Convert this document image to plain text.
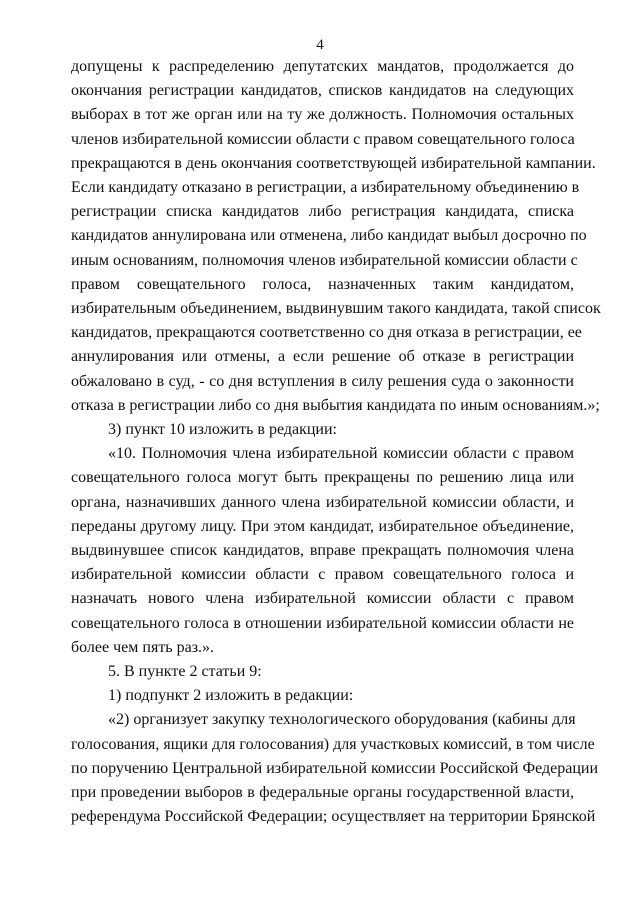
4

допущены к распределению депутатских мандатов, продолжается до

окончания регистрации кандидатов, списков кандидатов на следующих

выборах в тот же орган или на ту же должность. Полномочия остальных

членов избирательной комиссии области с правом совещательного голоса

прекращаются в день окончания соответствующей избирательной кампании.

Если кандидату отказано в регистрации, а избирательному объединению в

регистрации списка кандидатов либо регистрация кандидата, списка

кандидатов аннулирована или отменена, либо кандидат выбыл досрочно по

иным основаниям, полномочия членов избирательной комиссии области с

правом совещательного голоса, назначенных таким кандидатом,

избирательным объединением, выдвинувшим такого кандидата, такой список

кандидатов, прекращаются соответственно со дня отказа в регистрации, ее

аннулирования или отмены, а если решение об отказе в регистрации

обжаловано в суд, - со дня вступления в силу решения суда о законности

отказа в регистрации либо со дня выбытия кандидата по иным основаниям.»;

3) пункт 10 изложить в редакции:

«10. Полномочия члена избирательной комиссии области с правом

совещательного голоса могут быть прекращены по решению лица или

органа, назначивших данного члена избирательной комиссии области, и

переданы другому лицу. При этом кандидат, избирательное объединение,

выдвинувшее список кандидатов, вправе прекращать полномочия члена

избирательной комиссии области с правом совещательного голоса и

назначать нового члена избирательной комиссии области с правом

совещательного голоса в отношении избирательной комиссии области не

более чем пять раз.».

5. В пункте 2 статьи 9:

1) подпункт 2 изложить в редакции:

«2) организует закупку технологического оборудования (кабины для

голосования, ящики для голосования) для участковых комиссий, в том числе

по поручению Центральной избирательной комиссии Российской Федерации

при проведении выборов в федеральные органы государственной власти,

референдума Российской Федерации; осуществляет на территории Брянской
